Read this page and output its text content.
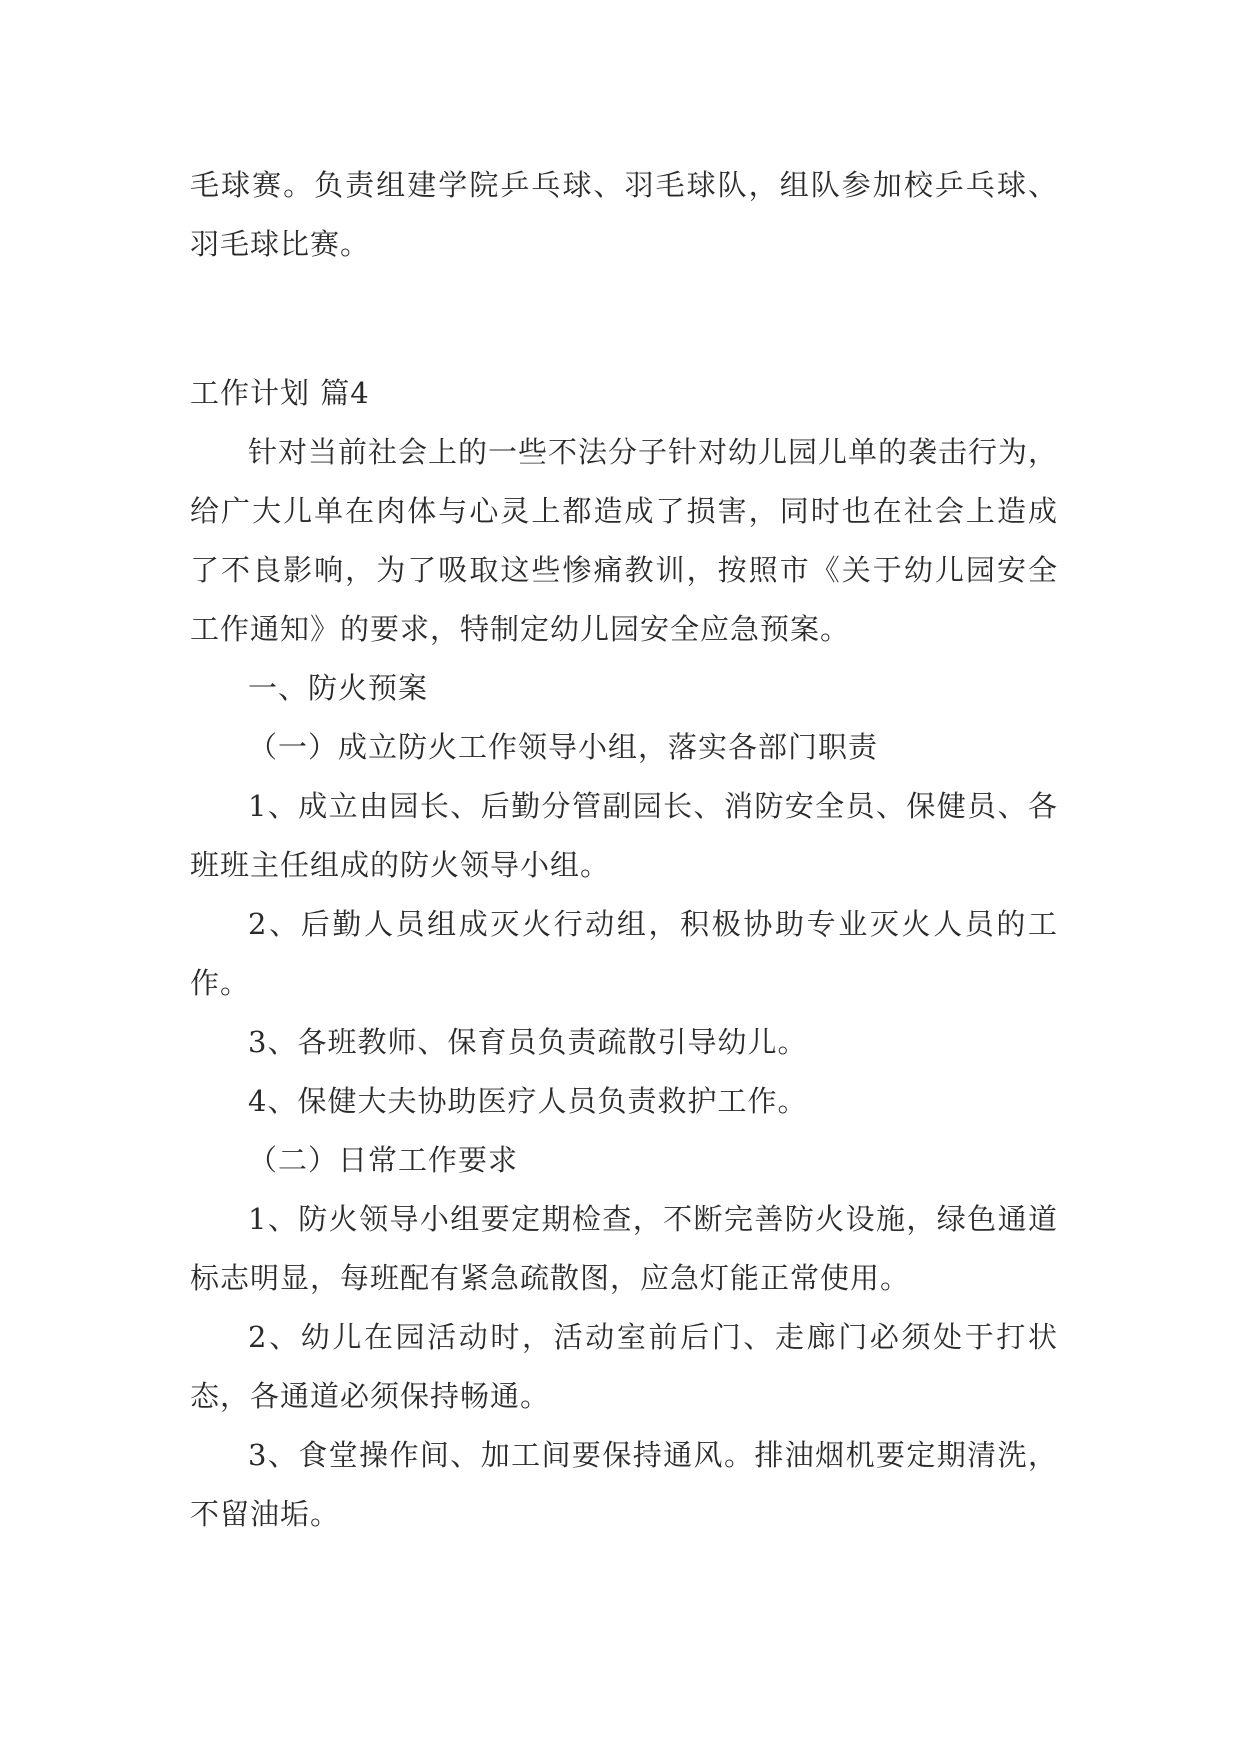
毛球赛。负责组建学院乒乓球、羽毛球队，组队参加校乒乓球、羽毛球比赛。

工作计划 篇4

针对当前社会上的一些不法分子针对幼儿园儿单的袭击行为，给广大儿单在肉体与心灵上都造成了损害，同时也在社会上造成了不良影响，为了吸取这些惨痛教训，按照市《关于幼儿园安全工作通知》的要求，特制定幼儿园安全应急预案。

一、防火预案

（一）成立防火工作领导小组，落实各部门职责

1、成立由园长、后勤分管副园长、消防安全员、保健员、各班班主任组成的防火领导小组。

2、后勤人员组成灭火行动组，积极协助专业灭火人员的工作。

3、各班教师、保育员负责疏散引导幼儿。

4、保健大夫协助医疗人员负责救护工作。

（二）日常工作要求

1、防火领导小组要定期检查，不断完善防火设施，绿色通道标志明显，每班配有紧急疏散图，应急灯能正常使用。

2、幼儿在园活动时，活动室前后门、走廊门必须处于打状态，各通道必须保持畅通。

3、食堂操作间、加工间要保持通风。排油烟机要定期清洗，不留油垢。
